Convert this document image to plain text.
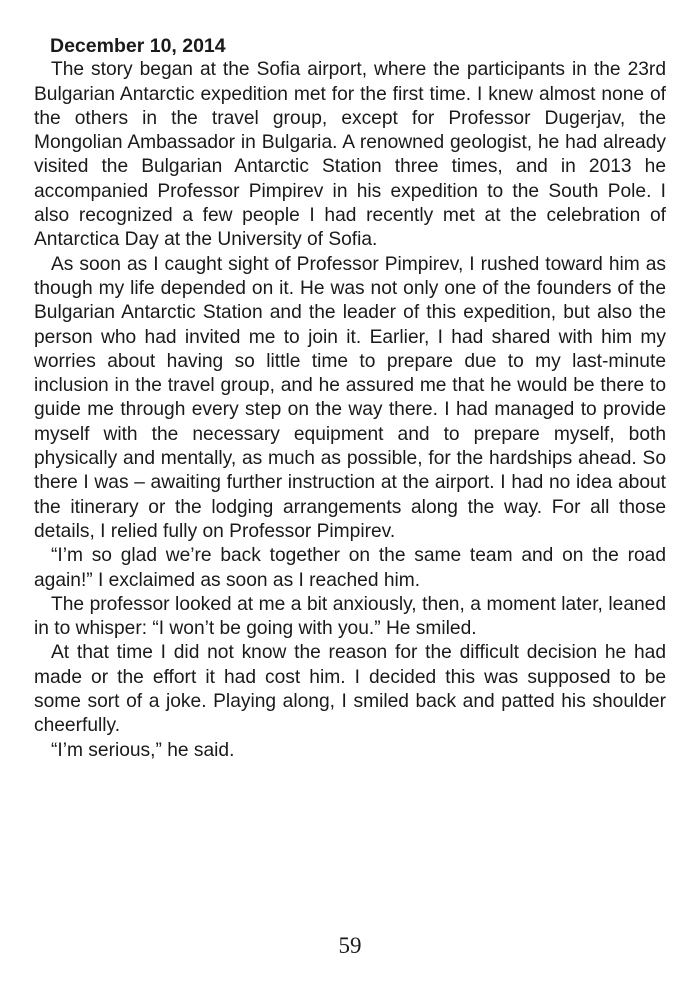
December 10, 2014

The story began at the Sofia airport, where the participants in the 23rd Bulgarian Antarctic expedition met for the first time. I knew almost none of the others in the travel group, except for Professor Dugerjav, the Mongolian Ambassador in Bulgaria. A renowned geologist, he had already visited the Bulgarian Antarctic Station three times, and in 2013 he accompanied Professor Pimpirev in his expedition to the South Pole. I also recognized a few people I had recently met at the celebration of Antarctica Day at the University of Sofia.

As soon as I caught sight of Professor Pimpirev, I rushed toward him as though my life depended on it. He was not only one of the founders of the Bulgarian Antarctic Station and the leader of this expedition, but also the person who had invited me to join it. Earlier, I had shared with him my worries about having so little time to prepare due to my last-minute inclusion in the travel group, and he assured me that he would be there to guide me through every step on the way there. I had managed to provide myself with the necessary equipment and to prepare myself, both physically and mentally, as much as possible, for the hardships ahead. So there I was – awaiting further instruction at the airport. I had no idea about the itinerary or the lodging arrangements along the way. For all those details, I relied fully on Professor Pimpirev.

“I’m so glad we’re back together on the same team and on the road again!” I exclaimed as soon as I reached him.

The professor looked at me a bit anxiously, then, a moment later, leaned in to whisper: “I won’t be going with you.” He smiled.

At that time I did not know the reason for the difficult decision he had made or the effort it had cost him. I decided this was supposed to be some sort of a joke. Playing along, I smiled back and patted his shoulder cheerfully.

“I’m serious,” he said.

59
